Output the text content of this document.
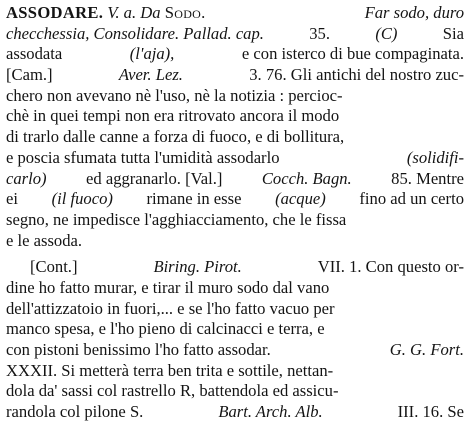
ASSODARE. V. a. Da Sodo.	Far sodo, duro
checchessia, Consolidare. Pallad. cap.	35.	(C)	Sia
assodata	(l'aja),	e con isterco di bue compaginata.
[Cam.]	Aver. Lez.	3. 76. Gli antichi del nostro zuc-
chero non avevano nè l'uso, nè la notizia : percioc-
chè in quei tempi non era ritrovato ancora il modo
di trarlo dalle canne a forza di fuoco, e di bollitura,
e poscia sfumata tutta l'umidità assodarlo	(solidifi-
carlo) ed aggranarlo. [Val.] Cocch. Bagn. 85. Mentre
ei (il fuoco) rimane in esse (acque) fino ad un certo
segno, ne impedisce l'agghiacciamento, che le fissa
e le assoda.
[Cont.]	Biring. Pirot.	VII. 1. Con questo or-
dine ho fatto murar, e tirar il muro sodo dal vano
dell'attizzatoio in fuori,... e se l'ho fatto vacuo per
manco spesa, e l'ho pieno di calcinacci e terra, e
con pistoni benissimo l'ho fatto assodar.	G. G. Fort.
XXXII. Si metterà terra ben trita e sottile, nettan-
dola da' sassi col rastrello R, battendola ed assicu-
randola col pilone S.	Bart. Arch. Alb.	III. 16. Se
